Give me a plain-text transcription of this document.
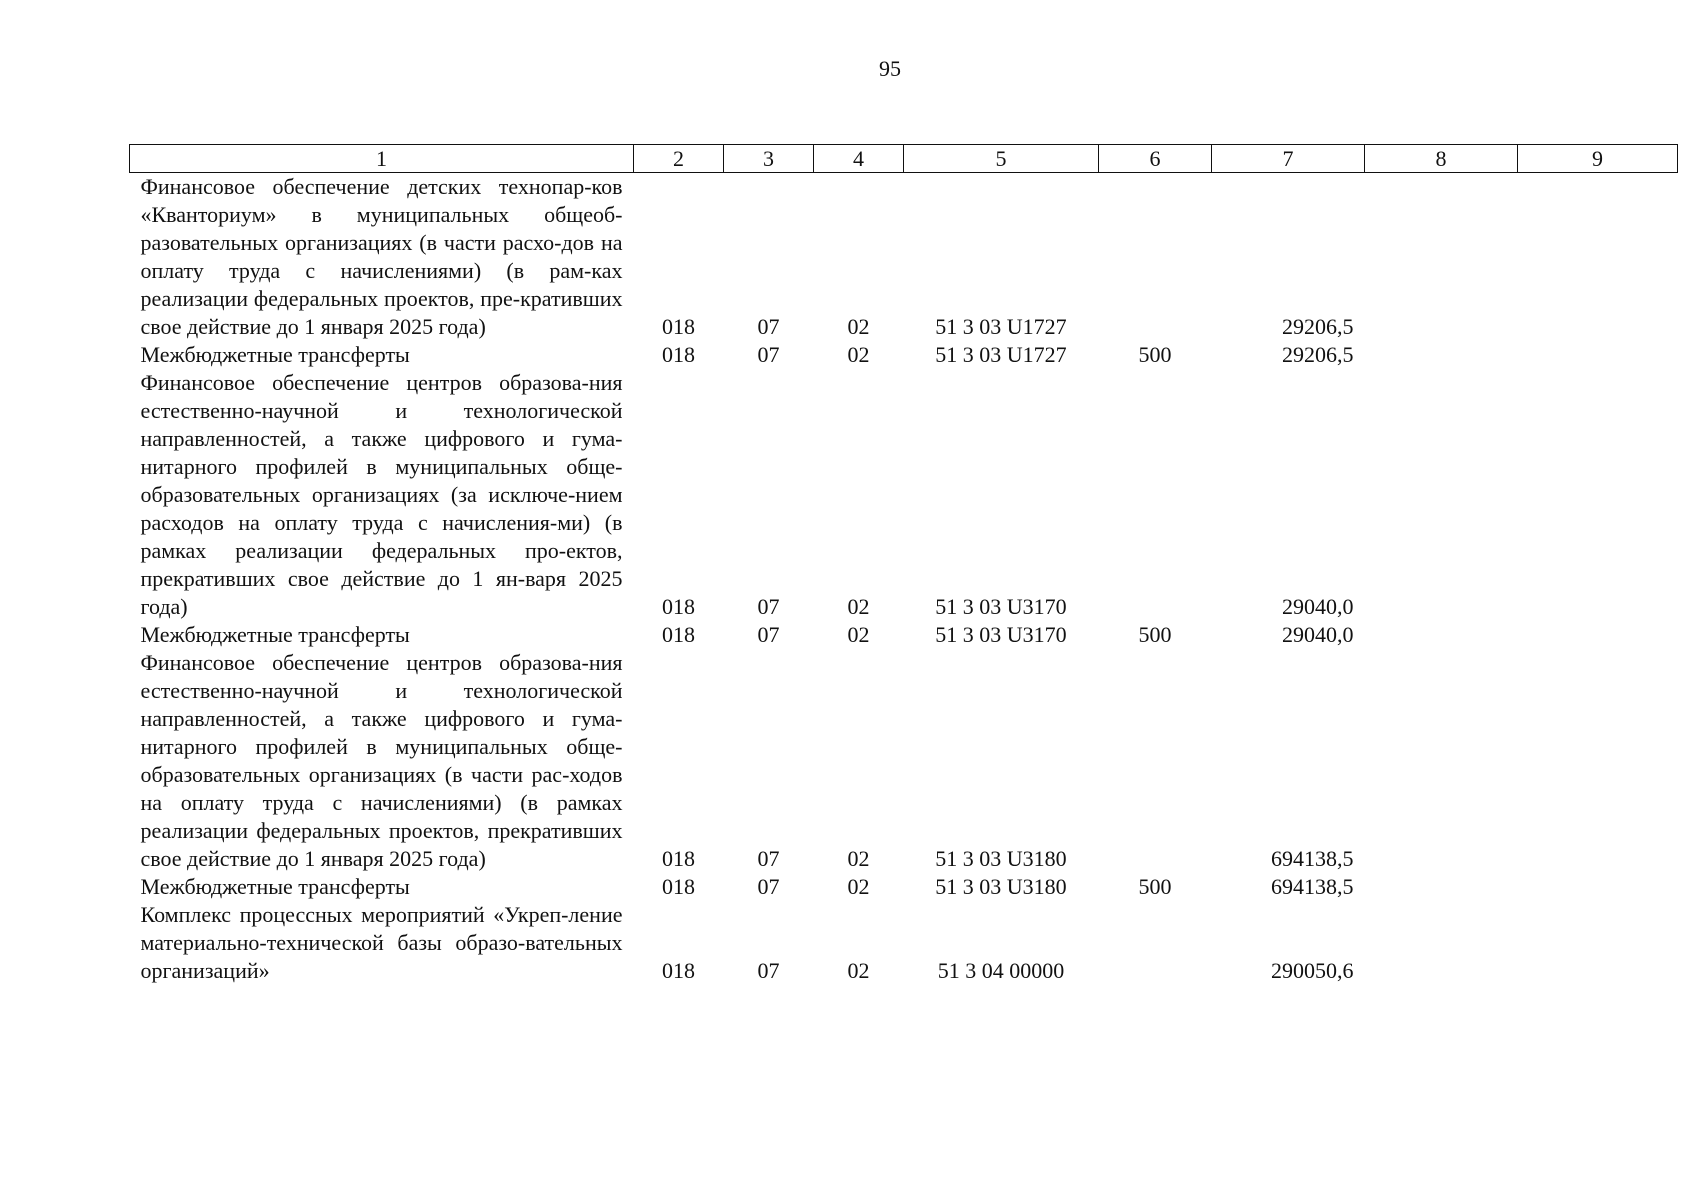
95
1	2	3	4	5	6	7	8	9
Финансовое обеспечение детских технопар-ков «Кванториум» в муниципальных общеоб-разовательных организациях (в части расхо-дов на оплату труда с начислениями) (в рам-ках реализации федеральных проектов, пре-кративших свое действие до 1 января 2025 года)	018	07	02	51 3 03 U1727		29206,5		
Межбюджетные трансферты	018	07	02	51 3 03 U1727	500	29206,5		
Финансовое обеспечение центров образова-ния естественно-научной и технологической направленностей, а также цифрового и гума-нитарного профилей в муниципальных обще-образовательных организациях (за исключе-нием расходов на оплату труда с начисления-ми) (в рамках реализации федеральных про-ектов, прекративших свое действие до 1 ян-варя 2025 года)	018	07	02	51 3 03 U3170		29040,0		
Межбюджетные трансферты	018	07	02	51 3 03 U3170	500	29040,0		
Финансовое обеспечение центров образова-ния естественно-научной и технологической направленностей, а также цифрового и гума-нитарного профилей в муниципальных обще-образовательных организациях (в части рас-ходов на оплату труда с начислениями) (в рамках реализации федеральных проектов, прекративших свое действие до 1 января 2025 года)	018	07	02	51 3 03 U3180		694138,5		
Межбюджетные трансферты	018	07	02	51 3 03 U3180	500	694138,5		
Комплекс процессных мероприятий «Укреп-ление материально-технической базы образо-вательных организаций»	018	07	02	51 3 04 00000		290050,6		
